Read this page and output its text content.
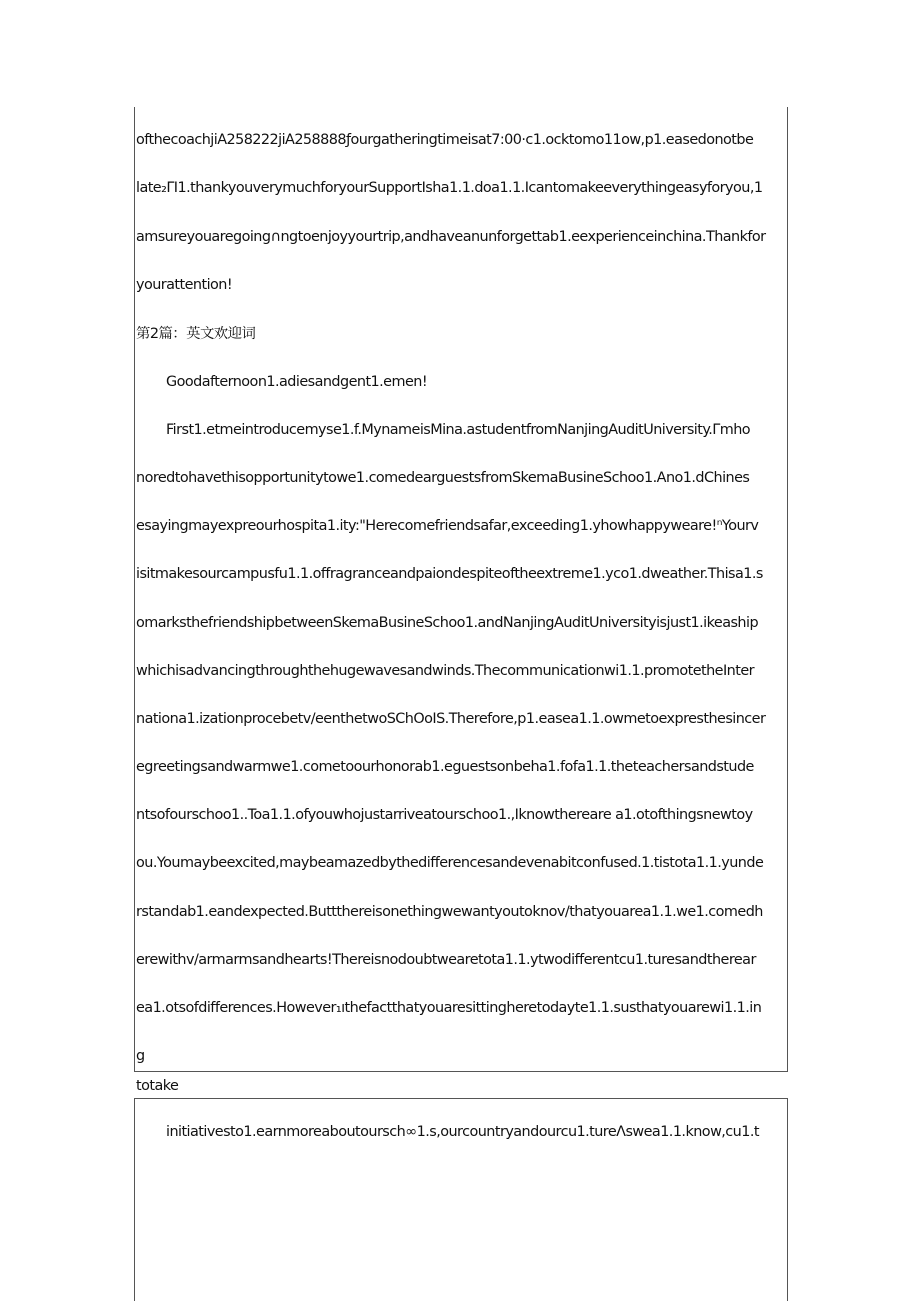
ofthecoachjiA258222jiA258888ƒourgatheringtimeisat7:00·c1.ocktomo11ow,p1.easedonotbe
late₂ΓI1.thankyouverymuchforyourSupportIsha1.1.doa1.1.Icantomakeeverythingeasyforyou,1
amsureyouaregoing∩ngtoenjoyyourtrip,andhaveanunforgettab1.eexperienceinchina.Thankfor
yourattention!
第2篇：英文欢迎词
Goodafternoon1.adiesandgent1.emen!
First1.etmeintroducemyse1.f.MynameisMina.astudentfromNanjingAuditUniversity.Γmho
noredtohavethisopportunitytowe1.comedearguestsfromSkemaBusineSchoo1.Ano1.dChines
esayingmayexpreourhospita1.ity:"Herecomefriendsafar,exceeding1.yhowhappyweare!ⁿYourv
isitmakesourcampusfu1.1.offragranceandpaiondespiteoftheextreme1.yco1.dweather.Thisa1.s
omarksthefriendshipbetweenSkemaBusineSchoo1.andNanjingAuditUniversityisjust1.ikeaship
whichisadvancingthroughthehugewavesandwinds.Thecommunicationwi1.1.promotetheInter
nationa1.izationprocebetv/eenthetwoSChOoIS.Therefore,p1.easea1.1.owmetoexpresthesincer
egreetingsandwarmwe1.cometoourhonorab1.eguestsonbeha1.fofa1.1.theteachersandstude
ntsofourschoo1..Toa1.1.ofyouwhojustarriveatourschoo1.,Iknowthereare a1.otofthingsnewtoy
ou.Youmaybeexcited,maybeamazedbythedifferencesandevenabitconfused.1.tistota1.1.yunde
rstandab1.eandexpected.Buttthereisonethingwewantyoutoknov/thatyouarea1.1.we1.comedh
erewithv/armarmsandhearts!Thereisnodoubtwearetota1.1.ytwodifferentcu1.turesandtherear
ea1.otsofdifferences.However₁ıthefactthatyouaresittingheretodayte1.1.susthatyouarewi1.1.in
g
totake
initiativesto1.earnmoreaboutoursch∞1.s,ourcountryandourcu1.tureΛswea1.1.know,cu1.t
